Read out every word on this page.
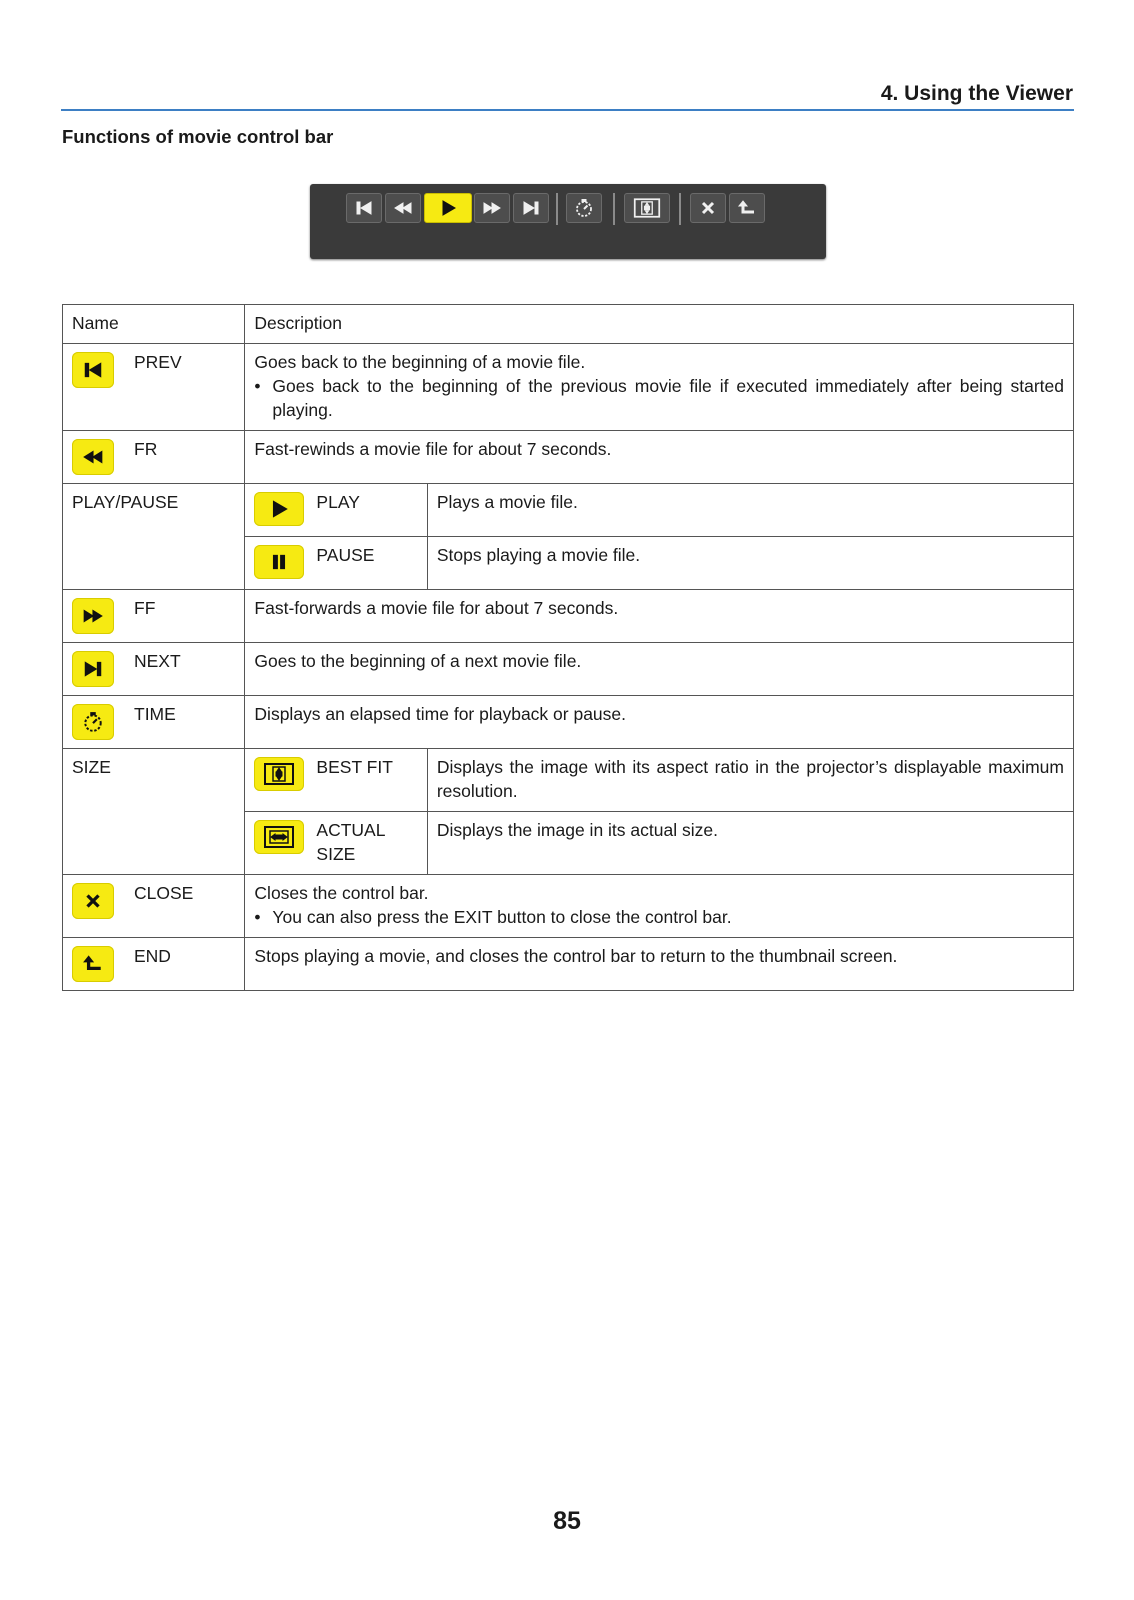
4. Using the Viewer

Functions of movie control bar

Name	Description	

PREV	Goes back to the beginning of a movie file.
• Goes back to the beginning of the previous movie file if executed immediately after being started playing.	

FR	Fast-rewinds a movie file for about 7 seconds.	
PLAY/PAUSE	PLAY	Plays a movie file.

	PAUSE	Stops playing a movie file.

FF	Fast-forwards a movie file for about 7 seconds.	

NEXT	Goes to the beginning of a next movie file.	

TIME	Displays an elapsed time for playback or pause.	
SIZE	BEST FIT	Displays the image with its aspect ratio in the projector’s displayable maximum resolution.

	ACTUAL SIZE	Displays the image in its actual size.

CLOSE	Closes the control bar.
• You can also press the EXIT button to close the control bar.	

END	Stops playing a movie, and closes the control bar to return to the thumbnail screen.	

85
